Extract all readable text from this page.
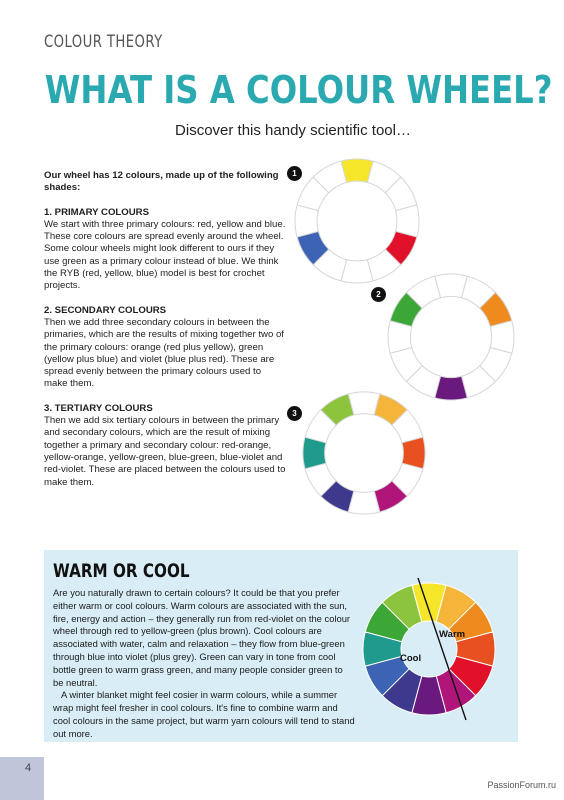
COLOUR THEORY
WHAT IS A COLOUR WHEEL?
Discover this handy scientific tool…

Our wheel has 12 colours, made up of the following shades:

1. PRIMARY COLOURS

We start with three primary colours: red, yellow and blue. These core colours are spread evenly around the wheel. Some colour wheels might look different to ours if they use green as a primary colour instead of blue. We think the RYB (red, yellow, blue) model is best for crochet projects.

2. SECONDARY COLOURS

Then we add three secondary colours in between the primaries, which are the results of mixing together two of the primary colours: orange (red plus yellow), green (yellow plus blue) and violet (blue plus red). These are spread evenly between the primary colours used to make them.

3. TERTIARY COLOURS

Then we add six tertiary colours in between the primary and secondary colours, which are the result of mixing together a primary and secondary colour: red-orange, yellow-orange, yellow-green, blue-green, blue-violet and red-violet. These are placed between the colours used to make them.

1
2
3
WARM OR COOL

Are you naturally drawn to certain colours? It could be that you prefer either warm or cool colours. Warm colours are associated with the sun, fire, energy and action – they generally run from red-violet on the colour wheel through red to yellow-green (plus brown). Cool colours are associated with water, calm and relaxation – they flow from blue-green through blue into violet (plus grey). Green can vary in tone from cool bottle green to warm grass green, and many people consider green to be neutral.

A winter blanket might feel cosier in warm colours, while a summer wrap might feel fresher in cool colours. It's fine to combine warm and cool colours in the same project, but warm yarn colours will tend to stand out more.

Warm
Cool
4
PassionForum.ru
